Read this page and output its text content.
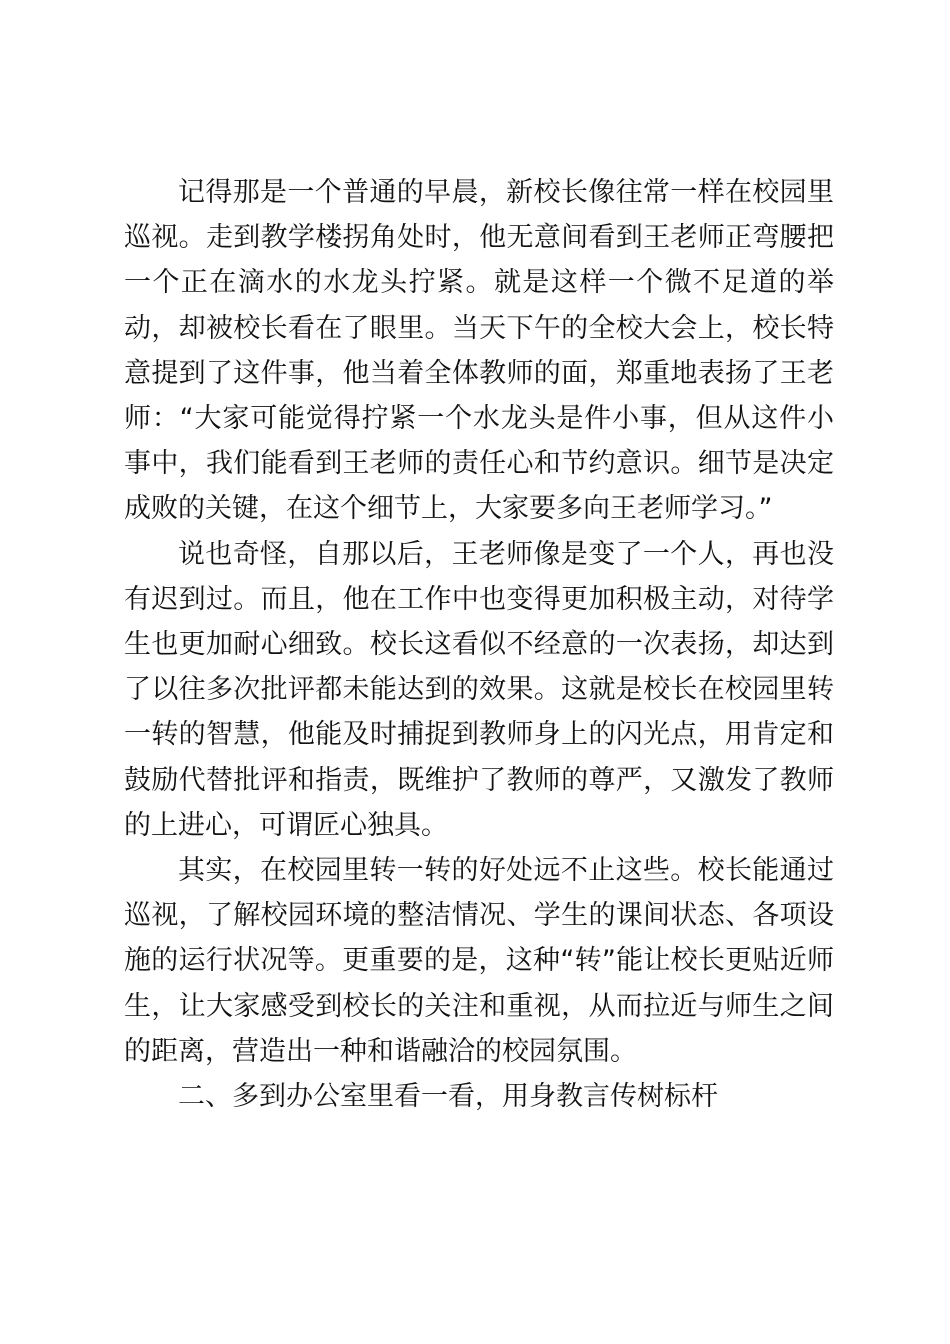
记得那是一个普通的早晨，新校长像往常一样在校园里巡视。走到教学楼拐角处时，他无意间看到王老师正弯腰把一个正在滴水的水龙头拧紧。就是这样一个微不足道的举动，却被校长看在了眼里。当天下午的全校大会上，校长特意提到了这件事，他当着全体教师的面，郑重地表扬了王老师：“大家可能觉得拧紧一个水龙头是件小事，但从这件小事中，我们能看到王老师的责任心和节约意识。细节是决定成败的关键，在这个细节上，大家要多向王老师学习。”

说也奇怪，自那以后，王老师像是变了一个人，再也没有迟到过。而且，他在工作中也变得更加积极主动，对待学生也更加耐心细致。校长这看似不经意的一次表扬，却达到了以往多次批评都未能达到的效果。这就是校长在校园里转一转的智慧，他能及时捕捉到教师身上的闪光点，用肯定和鼓励代替批评和指责，既维护了教师的尊严，又激发了教师的上进心，可谓匠心独具。

其实，在校园里转一转的好处远不止这些。校长能通过巡视，了解校园环境的整洁情况、学生的课间状态、各项设施的运行状况等。更重要的是，这种“转”能让校长更贴近师生，让大家感受到校长的关注和重视，从而拉近与师生之间的距离，营造出一种和谐融洽的校园氛围。

二、多到办公室里看一看，用身教言传树标杆
